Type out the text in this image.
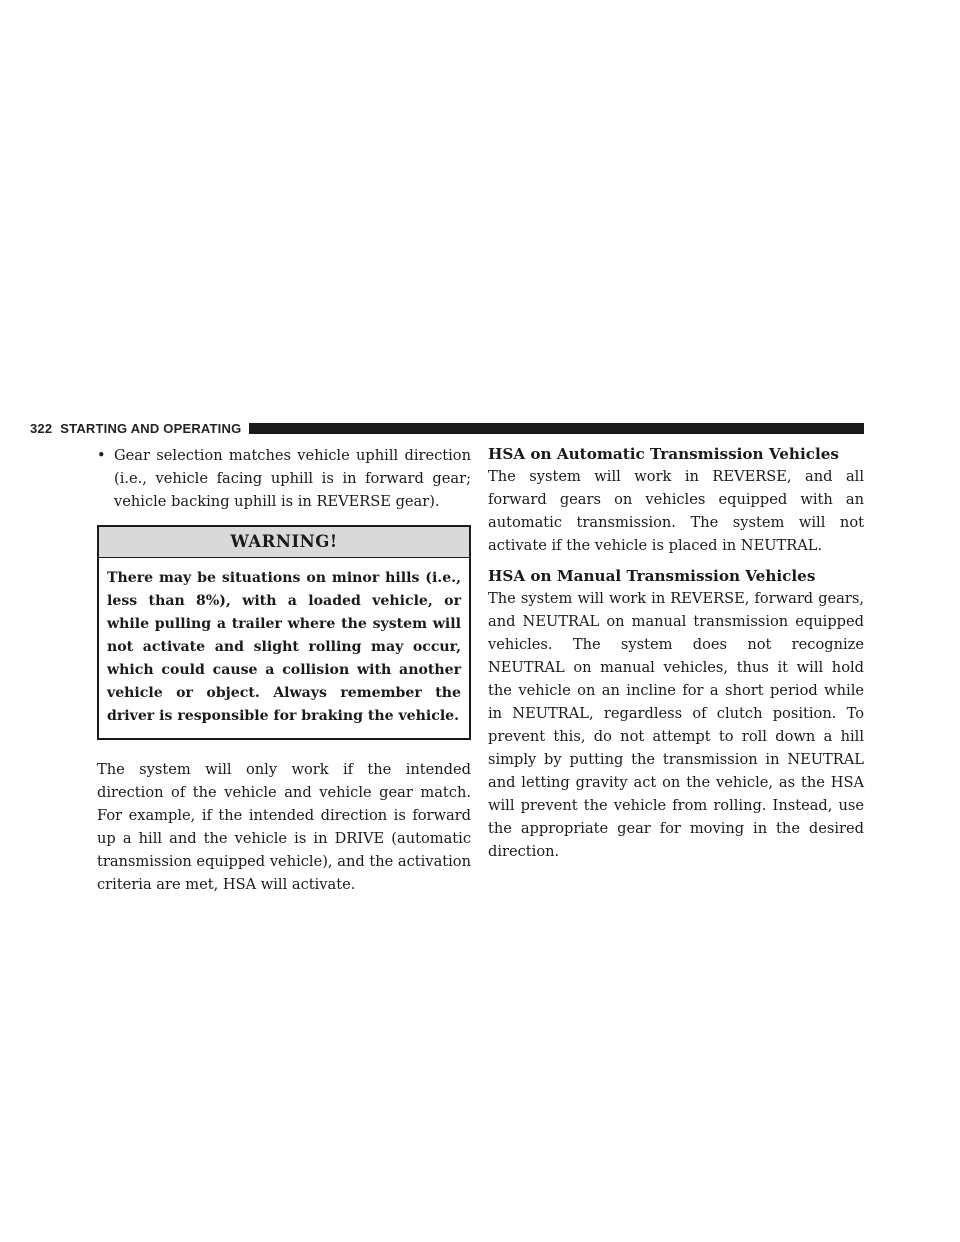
322 STARTING AND OPERATING
• Gear selection matches vehicle uphill direction (i.e., vehicle facing uphill is in forward gear; vehicle backing uphill is in REVERSE gear).

WARNING!

There may be situations on minor hills (i.e., less than 8%), with a loaded vehicle, or while pulling a trailer where the system will not activate and slight rolling may occur, which could cause a collision with another vehicle or object. Always remember the driver is responsible for braking the vehicle.

The system will only work if the intended direction of the vehicle and vehicle gear match. For example, if the intended direction is forward up a hill and the vehicle is in DRIVE (automatic transmission equipped vehicle), and the activation criteria are met, HSA will activate.

HSA on Automatic Transmission Vehicles

The system will work in REVERSE, and all forward gears on vehicles equipped with an automatic transmission. The system will not activate if the vehicle is placed in NEUTRAL.

HSA on Manual Transmission Vehicles

The system will work in REVERSE, forward gears, and NEUTRAL on manual transmission equipped vehicles. The system does not recognize NEUTRAL on manual vehicles, thus it will hold the vehicle on an incline for a short period while in NEUTRAL, regardless of clutch position. To prevent this, do not attempt to roll down a hill simply by putting the transmission in NEUTRAL and letting gravity act on the vehicle, as the HSA will prevent the vehicle from rolling. Instead, use the appropriate gear for moving in the desired direction.
